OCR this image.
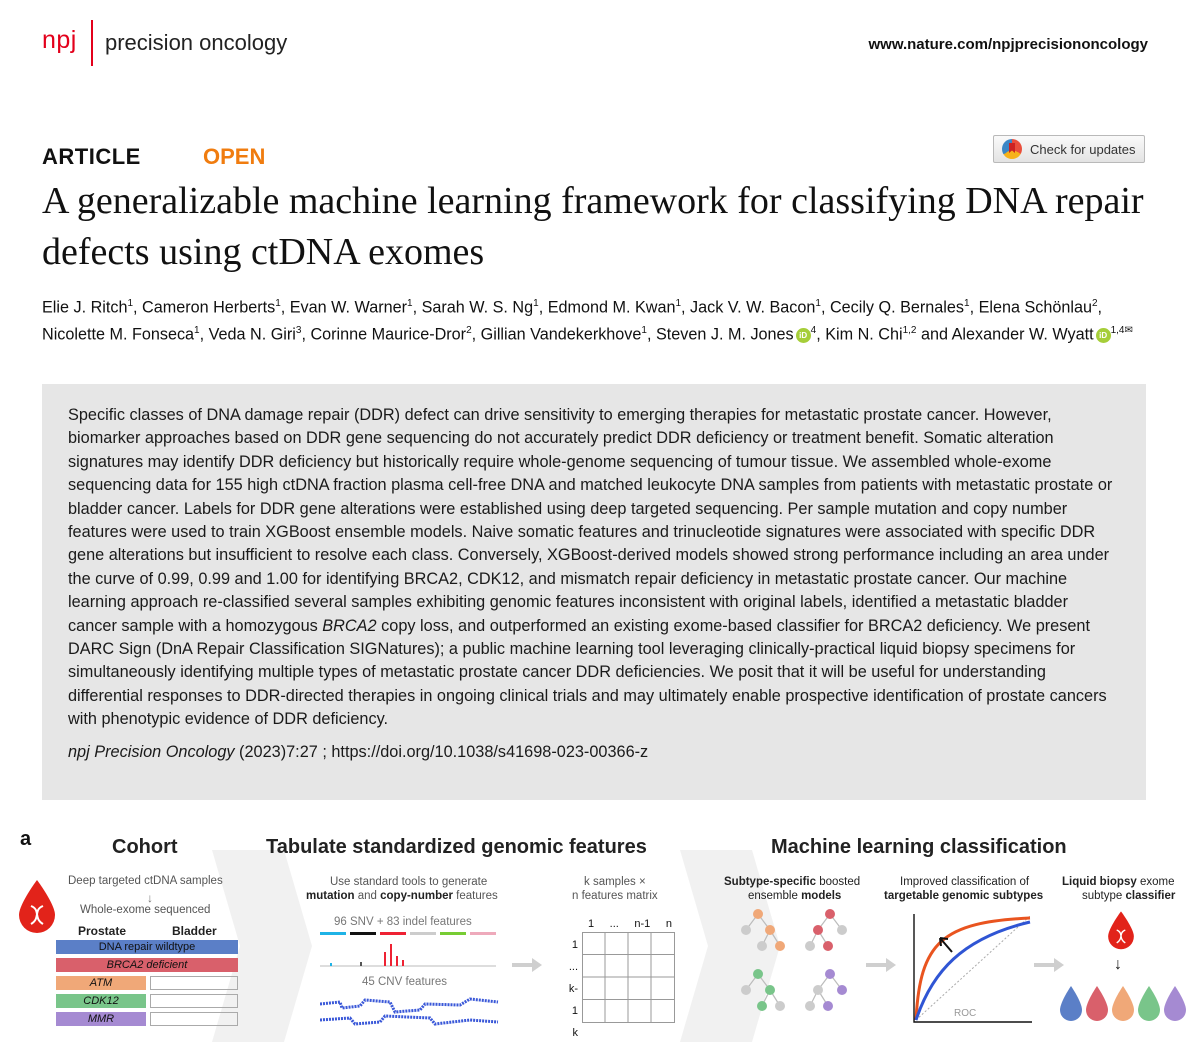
npj precision oncology	www.nature.com/npjprecisiononcology
ARTICLE	OPEN	Check for updates
A generalizable machine learning framework for classifying DNA repair defects using ctDNA exomes
Elie J. Ritch$^1$, Cameron Herberts$^1$, Evan W. Warner$^1$, Sarah W. S. Ng$^1$, Edmond M. Kwan$^1$, Jack V. W. Bacon$^1$, Cecily Q. Bernales$^1$, Elena Schönlau$^2$, Nicolette M. Fonseca$^1$, Veda N. Giri$^3$, Corinne Maurice-Dror$^2$, Gillian Vandekerkhove$^1$, Steven J. M. Jones iD $^4$, Kim N. Chi$^{1,2}$ and Alexander W. Wyatt iD $^{1,4✉}$
Specific classes of DNA damage repair (DDR) defect can drive sensitivity to emerging therapies for metastatic prostate cancer. However, biomarker approaches based on DDR gene sequencing do not accurately predict DDR deficiency or treatment benefit. Somatic alteration signatures may identify DDR deficiency but historically require whole-genome sequencing of tumour tissue. We assembled whole-exome sequencing data for 155 high ctDNA fraction plasma cell-free DNA and matched leukocyte DNA samples from patients with metastatic prostate or bladder cancer. Labels for DDR gene alterations were established using deep targeted sequencing. Per sample mutation and copy number features were used to train XGBoost ensemble models. Naive somatic features and trinucleotide signatures were associated with specific DDR gene alterations but insufficient to resolve each class. Conversely, XGBoost-derived models showed strong performance including an area under the curve of 0.99, 0.99 and 1.00 for identifying BRCA2, CDK12, and mismatch repair deficiency in metastatic prostate cancer. Our machine learning approach re-classified several samples exhibiting genomic features inconsistent with original labels, identified a metastatic bladder cancer sample with a homozygous BRCA2 copy loss, and outperformed an existing exome-based classifier for BRCA2 deficiency. We present DARC Sign (DnA Repair Classification SIGNatures); a public machine learning tool leveraging clinically-practical liquid biopsy specimens for simultaneously identifying multiple types of metastatic prostate cancer DDR deficiencies. We posit that it will be useful for understanding differential responses to DDR-directed therapies in ongoing clinical trials and may ultimately enable prospective identification of prostate cancers with phenotypic evidence of DDR deficiency.
npj Precision Oncology (2023)7:27 ; https://doi.org/10.1038/s41698-023-00366-z
a	Cohort
Deep targeted ctDNA samples
↓
Whole-exome sequenced
Prostate	Bladder
DNA repair wildtype
BRCA2 deficient
ATM
CDK12
MMR
Tabulate standardized genomic features
Use standard tools to generate
mutation and copy-number features
96 SNV + 83 indel features
45 CNV features
k samples ×
n features matrix
1 ... n-1 n
1
...
k-1
k
Machine learning classification
Subtype-specific boosted
ensemble models
Improved classification of
targetable genomic subtypes
ROC
Liquid biopsy exome
subtype classifier
↓
